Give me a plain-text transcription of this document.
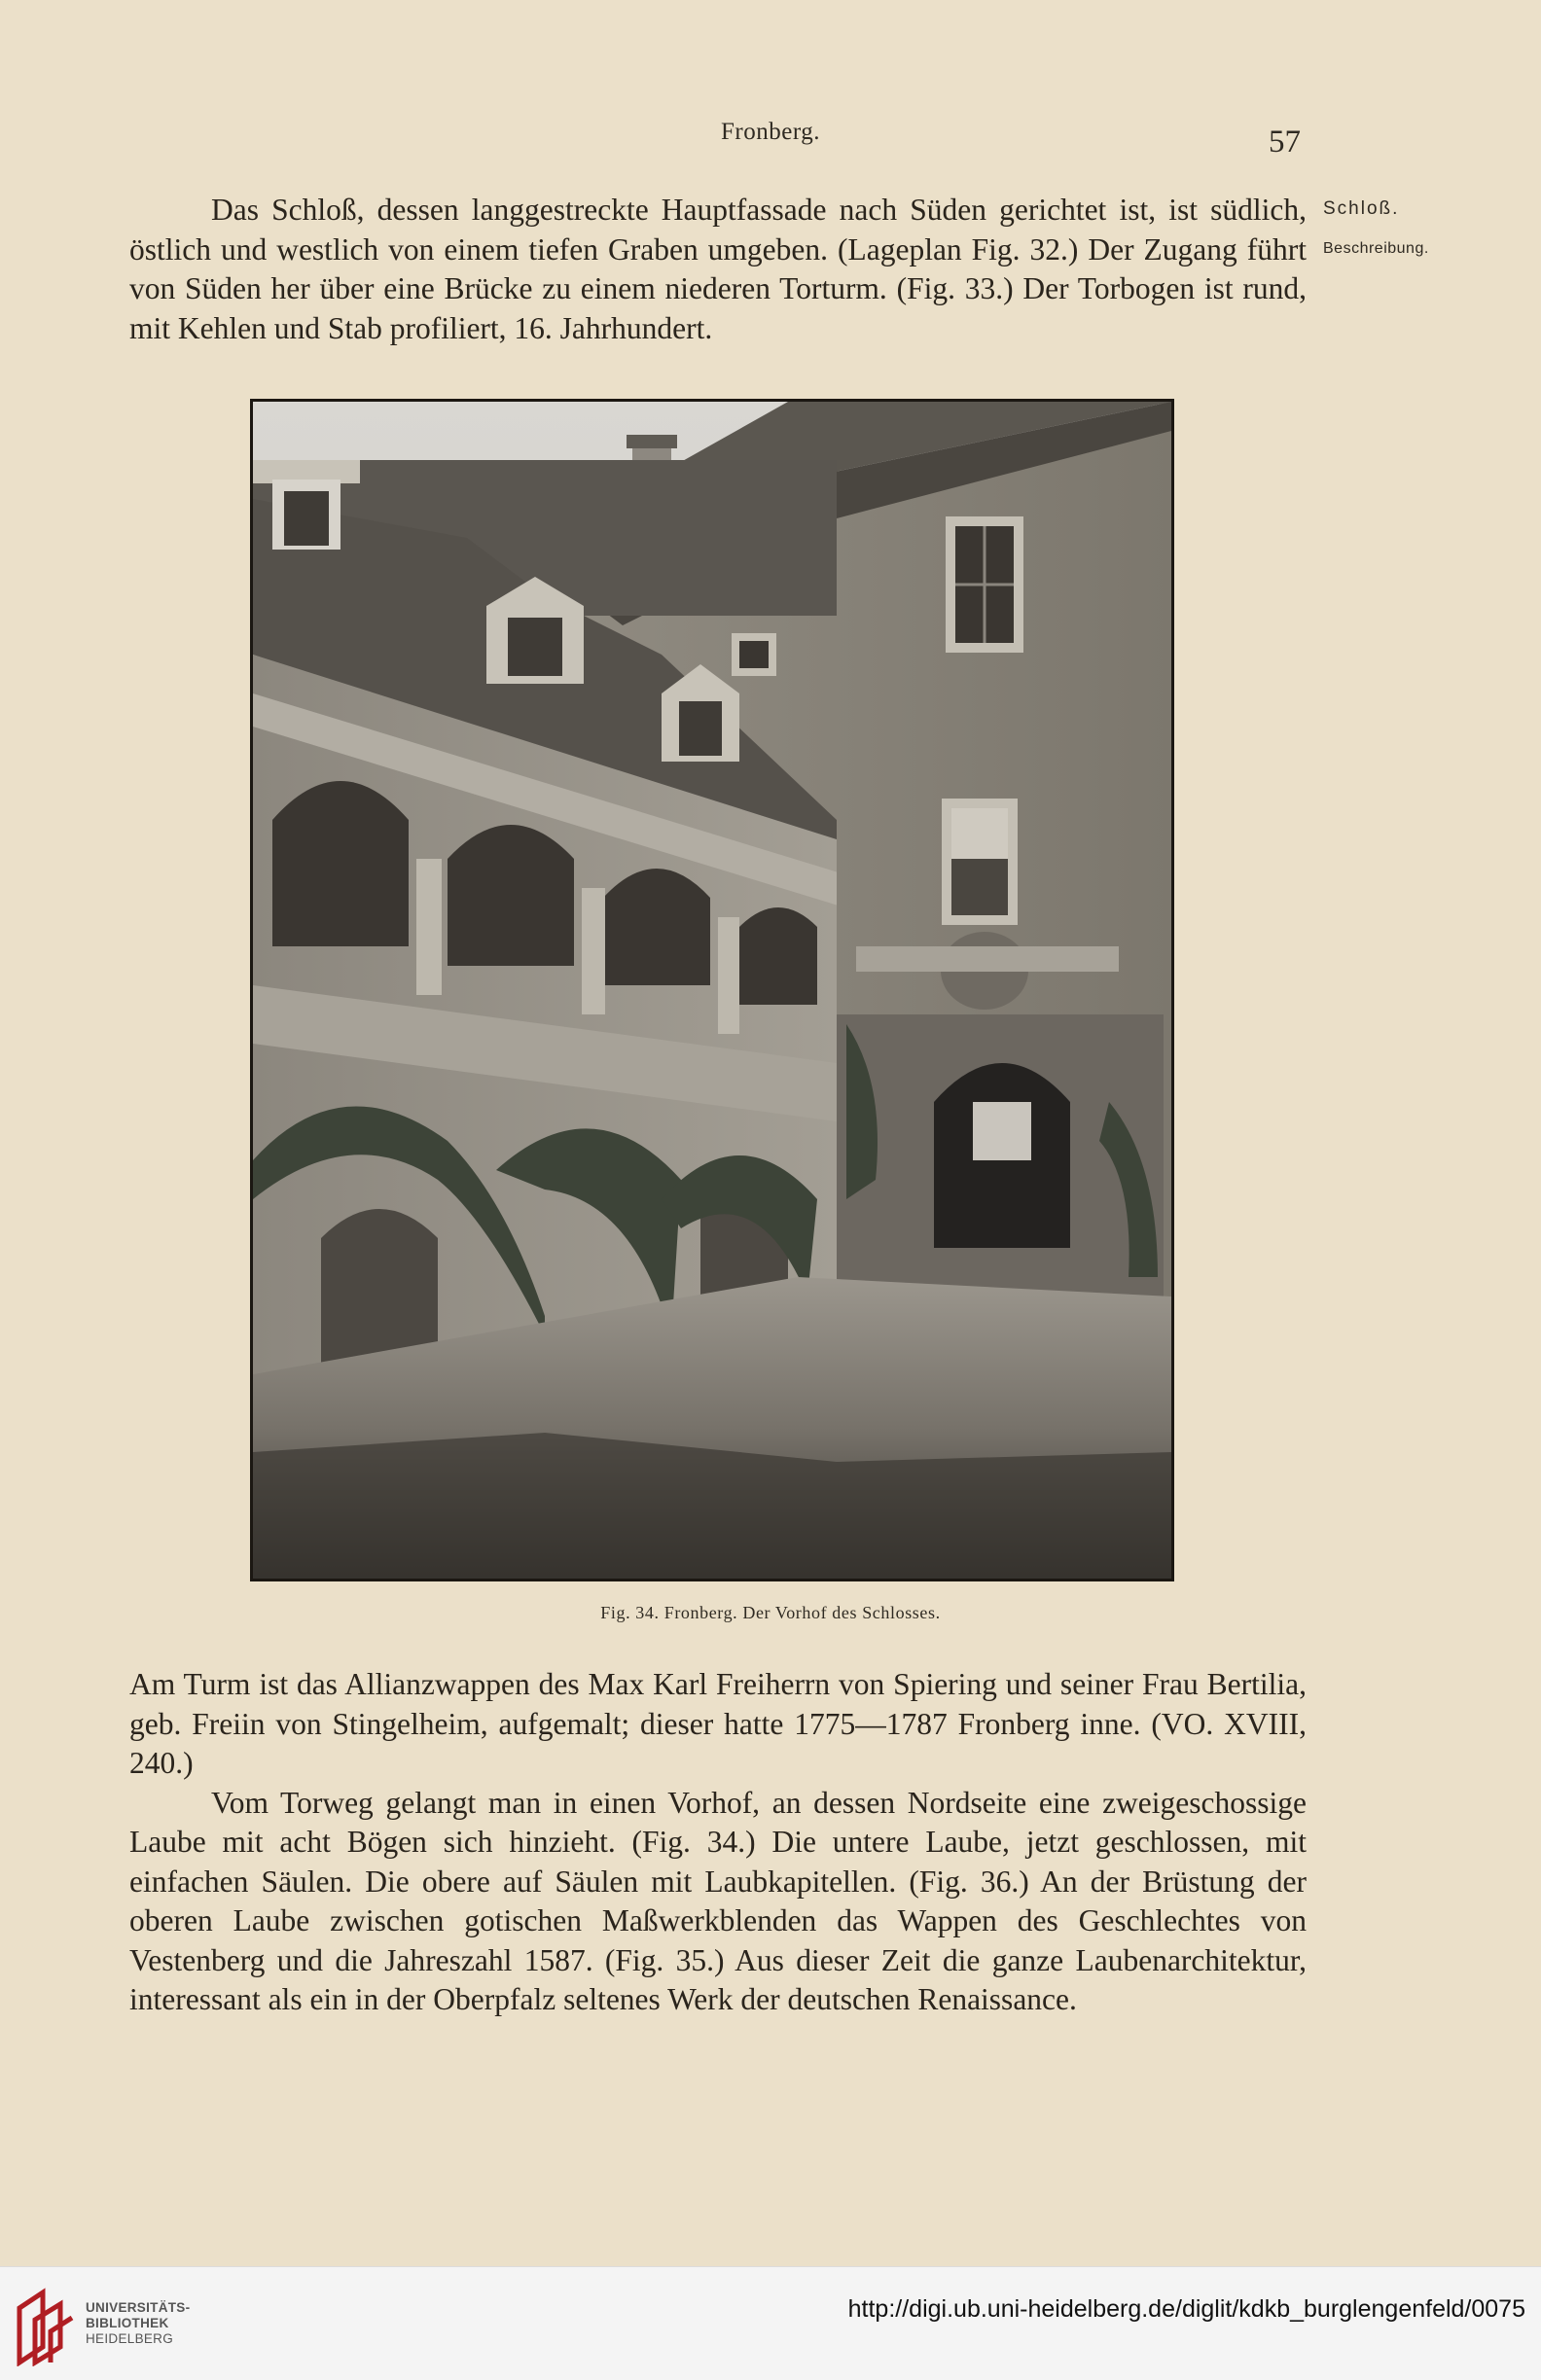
Fronberg.	57

Das Schloß, dessen langgestreckte Hauptfassade nach Süden gerichtet ist, ist südlich, östlich und westlich von einem tiefen Graben umgeben. (Lageplan Fig. 32.) Der Zugang führt von Süden her über eine Brücke zu einem niederen Torturm. (Fig. 33.) Der Torbogen ist rund, mit Kehlen und Stab profiliert, 16. Jahrhundert.

Schloß.
Beschreibung.
Fig. 34. Fronberg. Der Vorhof des Schlosses.

Am Turm ist das Allianzwappen des Max Karl Freiherrn von Spiering und seiner Frau Bertilia, geb. Freiin von Stingelheim, aufgemalt; dieser hatte 1775—1787 Fronberg inne. (VO. XVIII, 240.)

Vom Torweg gelangt man in einen Vorhof, an dessen Nordseite eine zweigeschossige Laube mit acht Bögen sich hinzieht. (Fig. 34.) Die untere Laube, jetzt geschlossen, mit einfachen Säulen. Die obere auf Säulen mit Laubkapitellen. (Fig. 36.) An der Brüstung der oberen Laube zwischen gotischen Maßwerkblenden das Wappen des Geschlechtes von Vestenberg und die Jahreszahl 1587. (Fig. 35.) Aus dieser Zeit die ganze Laubenarchitektur, interessant als ein in der Oberpfalz seltenes Werk der deutschen Renaissance.

UNIVERSITÄTS-
BIBLIOTHEK
HEIDELBERG
http://digi.ub.uni-heidelberg.de/diglit/kdkb_burglengenfeld/0075
